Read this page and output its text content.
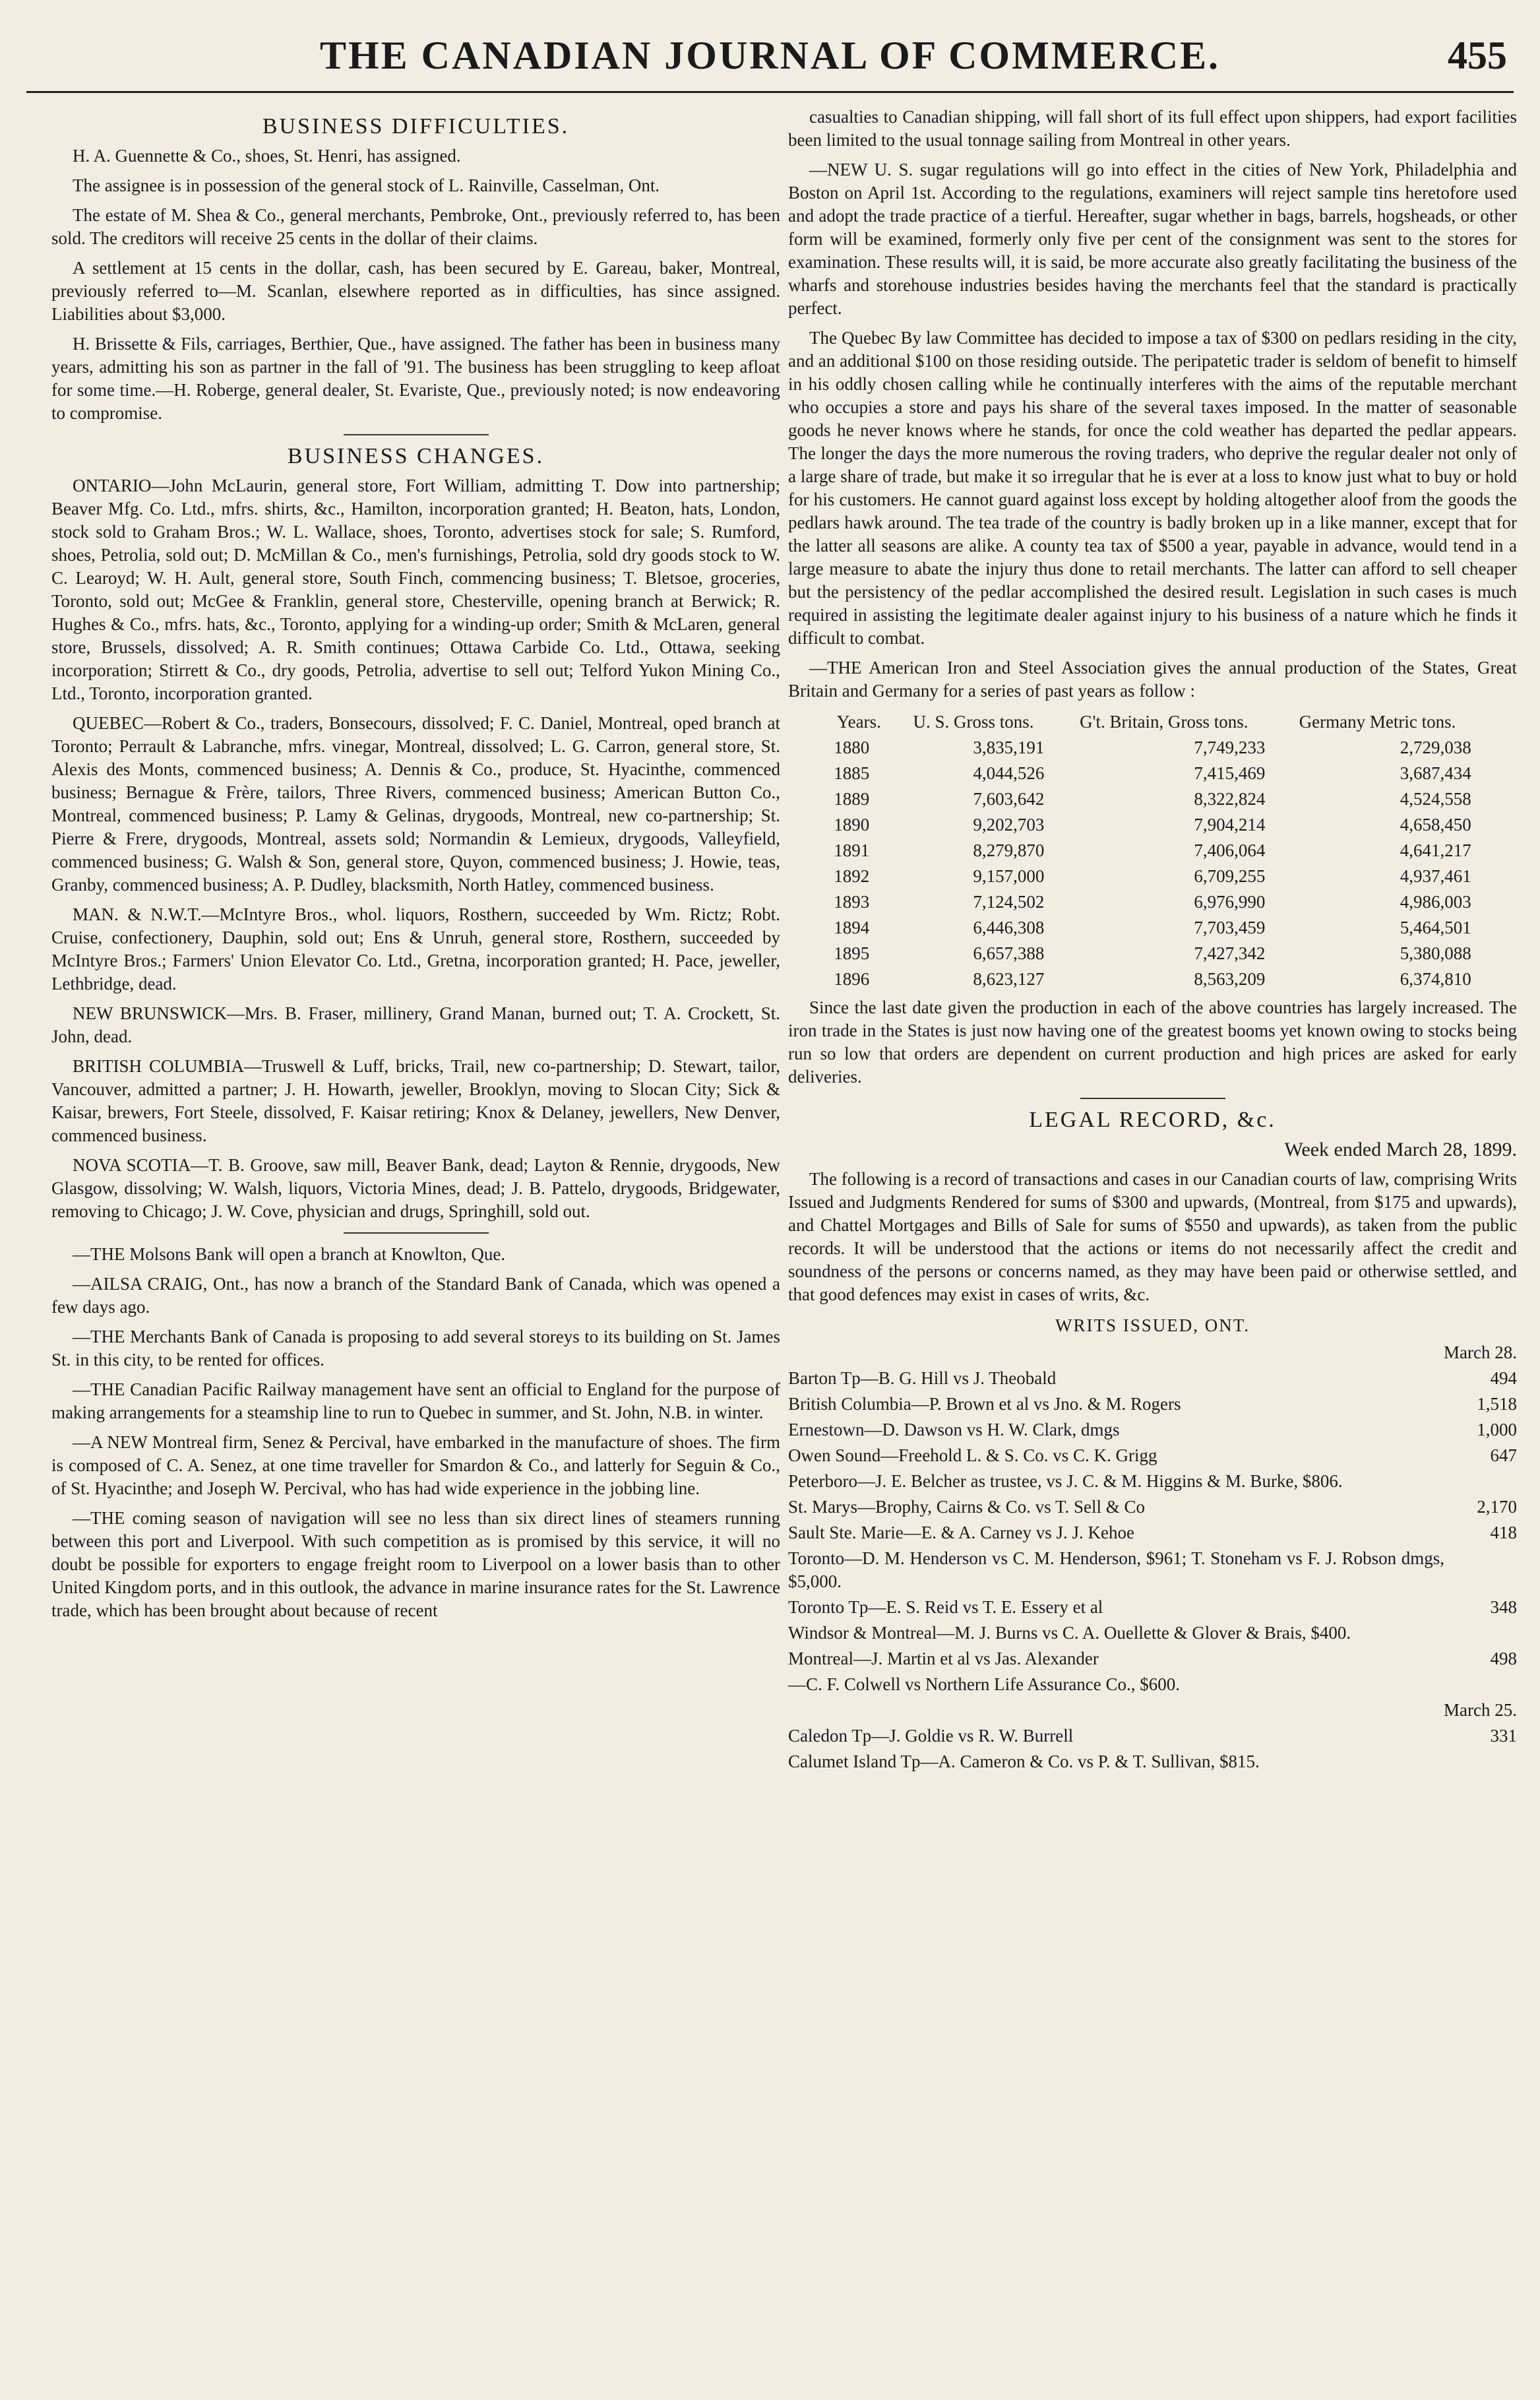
THE CANADIAN JOURNAL OF COMMERCE.	455
BUSINESS DIFFICULTIES.

H. A. Guennette & Co., shoes, St. Henri, has assigned.

The assignee is in possession of the general stock of L. Rainville, Casselman, Ont.

The estate of M. Shea & Co., general merchants, Pembroke, Ont., previously referred to, has been sold. The creditors will receive 25 cents in the dollar of their claims.

A settlement at 15 cents in the dollar, cash, has been secured by E. Gareau, baker, Montreal, previously referred to—M. Scanlan, elsewhere reported as in difficulties, has since assigned. Liabilities about $3,000.

H. Brissette & Fils, carriages, Berthier, Que., have assigned. The father has been in business many years, admitting his son as partner in the fall of '91. The business has been struggling to keep afloat for some time.—H. Roberge, general dealer, St. Evariste, Que., previously noted; is now endeavoring to compromise.

BUSINESS CHANGES.

ONTARIO—John McLaurin, general store, Fort William, admitting T. Dow into partnership; Beaver Mfg. Co. Ltd., mfrs. shirts, &c., Hamilton, incorporation granted; H. Beaton, hats, London, stock sold to Graham Bros.; W. L. Wallace, shoes, Toronto, advertises stock for sale; S. Rumford, shoes, Petrolia, sold out; D. McMillan & Co., men's furnishings, Petrolia, sold dry goods stock to W. C. Learoyd; W. H. Ault, general store, South Finch, commencing business; T. Bletsoe, groceries, Toronto, sold out; McGee & Franklin, general store, Chesterville, opening branch at Berwick; R. Hughes & Co., mfrs. hats, &c., Toronto, applying for a winding-up order; Smith & McLaren, general store, Brussels, dissolved; A. R. Smith continues; Ottawa Carbide Co. Ltd., Ottawa, seeking incorporation; Stirrett & Co., dry goods, Petrolia, advertise to sell out; Telford Yukon Mining Co., Ltd., Toronto, incorporation granted.

QUEBEC—Robert & Co., traders, Bonsecours, dissolved; F. C. Daniel, Montreal, oped branch at Toronto; Perrault & Labranche, mfrs. vinegar, Montreal, dissolved; L. G. Carron, general store, St. Alexis des Monts, commenced business; A. Dennis & Co., produce, St. Hyacinthe, commenced business; Bernague & Frère, tailors, Three Rivers, commenced business; American Button Co., Montreal, commenced business; P. Lamy & Gelinas, drygoods, Montreal, new co-partnership; St. Pierre & Frere, drygoods, Montreal, assets sold; Normandin & Lemieux, drygoods, Valleyfield, commenced business; G. Walsh & Son, general store, Quyon, commenced business; J. Howie, teas, Granby, commenced business; A. P. Dudley, blacksmith, North Hatley, commenced business.

MAN. & N.W.T.—McIntyre Bros., whol. liquors, Rosthern, succeeded by Wm. Rictz; Robt. Cruise, confectionery, Dauphin, sold out; Ens & Unruh, general store, Rosthern, succeeded by McIntyre Bros.; Farmers' Union Elevator Co. Ltd., Gretna, incorporation granted; H. Pace, jeweller, Lethbridge, dead.

NEW BRUNSWICK—Mrs. B. Fraser, millinery, Grand Manan, burned out; T. A. Crockett, St. John, dead.

BRITISH COLUMBIA—Truswell & Luff, bricks, Trail, new co-partnership; D. Stewart, tailor, Vancouver, admitted a partner; J. H. Howarth, jeweller, Brooklyn, moving to Slocan City; Sick & Kaisar, brewers, Fort Steele, dissolved, F. Kaisar retiring; Knox & Delaney, jewellers, New Denver, commenced business.

NOVA SCOTIA—T. B. Groove, saw mill, Beaver Bank, dead; Layton & Rennie, drygoods, New Glasgow, dissolving; W. Walsh, liquors, Victoria Mines, dead; J. B. Pattelo, drygoods, Bridgewater, removing to Chicago; J. W. Cove, physician and drugs, Springhill, sold out.

—THE Molsons Bank will open a branch at Knowlton, Que.

—AILSA CRAIG, Ont., has now a branch of the Standard Bank of Canada, which was opened a few days ago.

—THE Merchants Bank of Canada is proposing to add several storeys to its building on St. James St. in this city, to be rented for offices.

—THE Canadian Pacific Railway management have sent an official to England for the purpose of making arrangements for a steamship line to run to Quebec in summer, and St. John, N.B. in winter.

—A NEW Montreal firm, Senez & Percival, have embarked in the manufacture of shoes. The firm is composed of C. A. Senez, at one time traveller for Smardon & Co., and latterly for Seguin & Co., of St. Hyacinthe; and Joseph W. Percival, who has had wide experience in the jobbing line.

—THE coming season of navigation will see no less than six direct lines of steamers running between this port and Liverpool. With such competition as is promised by this service, it will no doubt be possible for exporters to engage freight room to Liverpool on a lower basis than to other United Kingdom ports, and in this outlook, the advance in marine insurance rates for the St. Lawrence trade, which has been brought about because of recent

casualties to Canadian shipping, will fall short of its full effect upon shippers, had export facilities been limited to the usual tonnage sailing from Montreal in other years.

—NEW U. S. sugar regulations will go into effect in the cities of New York, Philadelphia and Boston on April 1st. According to the regulations, examiners will reject sample tins heretofore used and adopt the trade practice of a tierful. Hereafter, sugar whether in bags, barrels, hogsheads, or other form will be examined, formerly only five per cent of the consignment was sent to the stores for examination. These results will, it is said, be more accurate also greatly facilitating the business of the wharfs and storehouse industries besides having the merchants feel that the standard is practically perfect.

The Quebec By law Committee has decided to impose a tax of $300 on pedlars residing in the city, and an additional $100 on those residing outside. The peripatetic trader is seldom of benefit to himself in his oddly chosen calling while he continually interferes with the aims of the reputable merchant who occupies a store and pays his share of the several taxes imposed. In the matter of seasonable goods he never knows where he stands, for once the cold weather has departed the pedlar appears. The longer the days the more numerous the roving traders, who deprive the regular dealer not only of a large share of trade, but make it so irregular that he is ever at a loss to know just what to buy or hold for his customers. He cannot guard against loss except by holding altogether aloof from the goods the pedlars hawk around. The tea trade of the country is badly broken up in a like manner, except that for the latter all seasons are alike. A county tea tax of $500 a year, payable in advance, would tend in a large measure to abate the injury thus done to retail merchants. The latter can afford to sell cheaper but the persistency of the pedlar accomplished the desired result. Legislation in such cases is much required in assisting the legitimate dealer against injury to his business of a nature which he finds it difficult to combat.

—THE American Iron and Steel Association gives the annual production of the States, Great Britain and Germany for a series of past years as follow :

Years.	U. S. Gross tons.	G't. Britain, Gross tons.	Germany Metric tons.
1880	3,835,191	7,749,233	2,729,038
1885	4,044,526	7,415,469	3,687,434
1889	7,603,642	8,322,824	4,524,558
1890	9,202,703	7,904,214	4,658,450
1891	8,279,870	7,406,064	4,641,217
1892	9,157,000	6,709,255	4,937,461
1893	7,124,502	6,976,990	4,986,003
1894	6,446,308	7,703,459	5,464,501
1895	6,657,388	7,427,342	5,380,088
1896	8,623,127	8,563,209	6,374,810

Since the last date given the production in each of the above countries has largely increased. The iron trade in the States is just now having one of the greatest booms yet known owing to stocks being run so low that orders are dependent on current production and high prices are asked for early deliveries.

LEGAL RECORD, &c.
Week ended March 28, 1899.

The following is a record of transactions and cases in our Canadian courts of law, comprising Writs Issued and Judgments Rendered for sums of $300 and upwards, (Montreal, from $175 and upwards), and Chattel Mortgages and Bills of Sale for sums of $550 and upwards), as taken from the public records. It will be understood that the actions or items do not necessarily affect the credit and soundness of the persons or concerns named, as they may have been paid or otherwise settled, and that good defences may exist in cases of writs, &c.

WRITS ISSUED, ONT.
March 28.
Barton Tp—B. G. Hill vs J. Theobald	494
British Columbia—P. Brown et al vs Jno. & M. Rogers	1,518
Ernestown—D. Dawson vs H. W. Clark, dmgs	1,000
Owen Sound—Freehold L. & S. Co. vs C. K. Grigg	647
Peterboro—J. E. Belcher as trustee, vs J. C. & M. Higgins & M. Burke, $806.
St. Marys—Brophy, Cairns & Co. vs T. Sell & Co	2,170
Sault Ste. Marie—E. & A. Carney vs J. J. Kehoe	418
Toronto—D. M. Henderson vs C. M. Henderson, $961; T. Stoneham vs F. J. Robson dmgs, $5,000.
Toronto Tp—E. S. Reid vs T. E. Essery et al	348
Windsor & Montreal—M. J. Burns vs C. A. Ouellette & Glover & Brais, $400.
Montreal—J. Martin et al vs Jas. Alexander	498
—C. F. Colwell vs Northern Life Assurance Co., $600.
March 25.
Caledon Tp—J. Goldie vs R. W. Burrell	331
Calumet Island Tp—A. Cameron & Co. vs P. & T. Sullivan, $815.
